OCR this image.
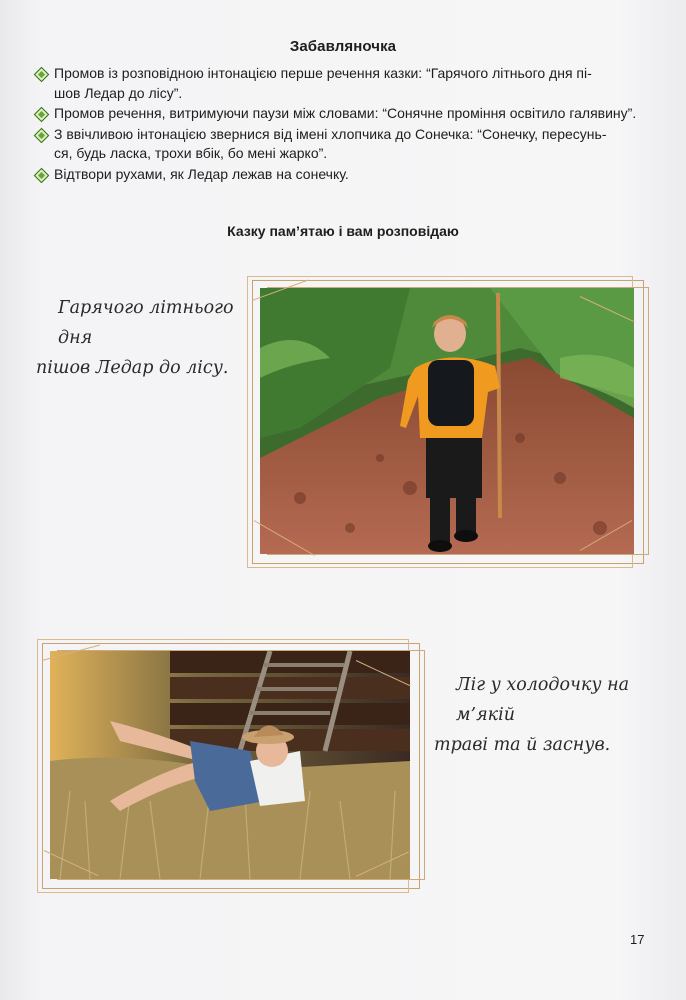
Забавляночка
Промов із розповідною інтонацією перше речення казки: “Гарячого літнього дня пі-
шов Ледар до лісу”.
Промов речення, витримуючи паузи між словами: “Сонячне проміння освітило галявину”.
З ввічливою інтонацією звернися від імені хлопчика до Сонечка: “Сонечку, пересунь-
ся, будь ласка, трохи вбік, бо мені жарко”.
Відтвори рухами, як Ледар лежав на сонечку.
Казку пам’ятаю і вам розповідаю

Гарячого літнього дня

пішов Ледар до лісу.

Ліг у холодочку на м’якій

траві та й заснув.

17
